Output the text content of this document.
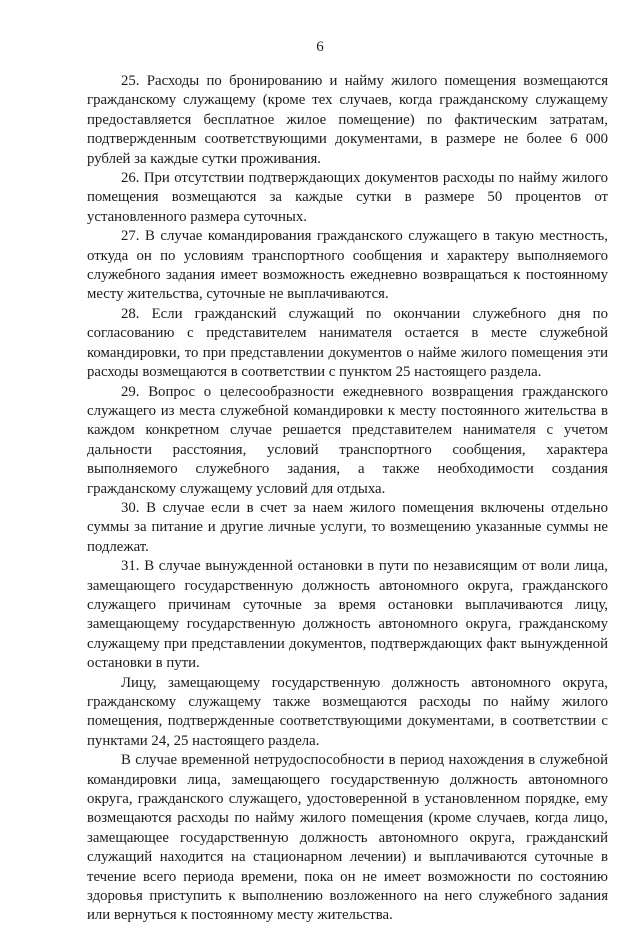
6

25. Расходы по бронированию и найму жилого помещения возмещаются гражданскому служащему (кроме тех случаев, когда гражданскому служащему предоставляется бесплатное жилое помещение) по фактическим затратам, подтвержденным соответствующими документами, в размере не более 6 000 рублей за каждые сутки проживания.

26. При отсутствии подтверждающих документов расходы по найму жилого помещения возмещаются за каждые сутки в размере 50 процентов от установленного размера суточных.

27. В случае командирования гражданского служащего в такую местность, откуда он по условиям транспортного сообщения и характеру выполняемого служебного задания имеет возможность ежедневно возвращаться к постоянному месту жительства, суточные не выплачиваются.

28. Если гражданский служащий по окончании служебного дня по согласованию с представителем нанимателя остается в месте служебной командировки, то при представлении документов о найме жилого помещения эти расходы возмещаются в соответствии с пунктом 25 настоящего раздела.

29. Вопрос о целесообразности ежедневного возвращения гражданского служащего из места служебной командировки к месту постоянного жительства в каждом конкретном случае решается представителем нанимателя с учетом дальности расстояния, условий транспортного сообщения, характера выполняемого служебного задания, а также необходимости создания гражданскому служащему условий для отдыха.

30. В случае если в счет за наем жилого помещения включены отдельно суммы за питание и другие личные услуги, то возмещению указанные суммы не подлежат.

31. В случае вынужденной остановки в пути по независящим от воли лица, замещающего государственную должность автономного округа, гражданского служащего причинам суточные за время остановки выплачиваются лицу, замещающему государственную должность автономного округа, гражданскому служащему при представлении документов, подтверждающих факт вынужденной остановки в пути.

Лицу, замещающему государственную должность автономного округа, гражданскому служащему также возмещаются расходы по найму жилого помещения, подтвержденные соответствующими документами, в соответствии с пунктами 24, 25 настоящего раздела.

В случае временной нетрудоспособности в период нахождения в служебной командировки лица, замещающего государственную должность автономного округа, гражданского служащего, удостоверенной в установленном порядке, ему возмещаются расходы по найму жилого помещения (кроме случаев, когда лицо, замещающее государственную должность автономного округа, гражданский служащий находится на стационарном лечении) и выплачиваются суточные в течение всего периода времени, пока он не имеет возможности по состоянию здоровья приступить к выполнению возложенного на него служебного задания или вернуться к постоянному месту жительства.
